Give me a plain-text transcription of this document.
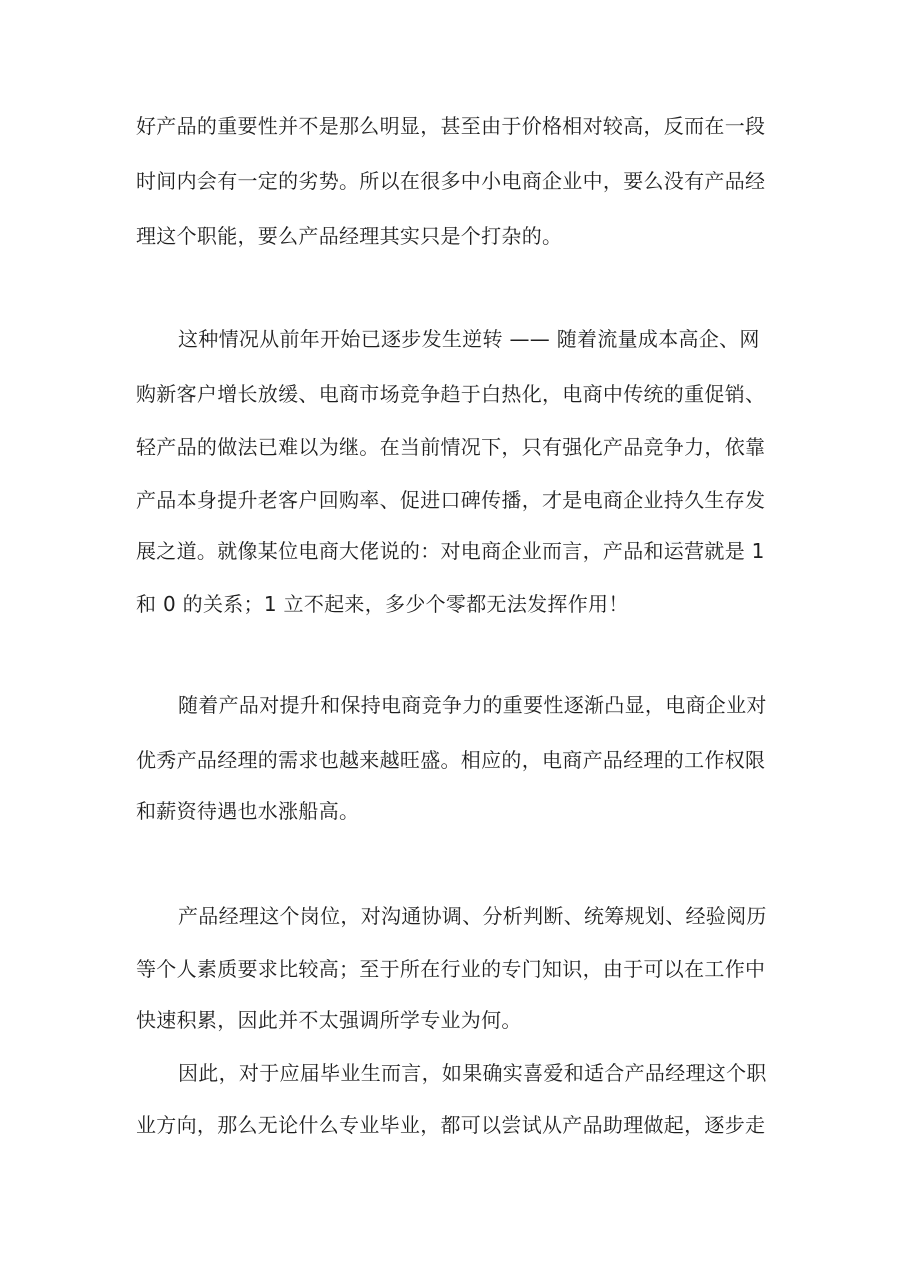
好产品的重要性并不是那么明显，甚至由于价格相对较高，反而在一段
时间内会有一定的劣势。所以在很多中小电商企业中，要么没有产品经
理这个职能，要么产品经理其实只是个打杂的。
这种情况从前年开始已逐步发生逆转 —— 随着流量成本高企、网
购新客户增长放缓、电商市场竞争趋于白热化，电商中传统的重促销、
轻产品的做法已难以为继。在当前情况下，只有强化产品竞争力，依靠
产品本身提升老客户回购率、促进口碑传播，才是电商企业持久生存发
展之道。就像某位电商大佬说的：对电商企业而言，产品和运营就是 1
和 0 的关系；1 立不起来，多少个零都无法发挥作用！
随着产品对提升和保持电商竞争力的重要性逐渐凸显，电商企业对
优秀产品经理的需求也越来越旺盛。相应的，电商产品经理的工作权限
和薪资待遇也水涨船高。
产品经理这个岗位，对沟通协调、分析判断、统筹规划、经验阅历
等个人素质要求比较高；至于所在行业的专门知识，由于可以在工作中
快速积累，因此并不太强调所学专业为何。
因此，对于应届毕业生而言，如果确实喜爱和适合产品经理这个职
业方向，那么无论什么专业毕业，都可以尝试从产品助理做起，逐步走
